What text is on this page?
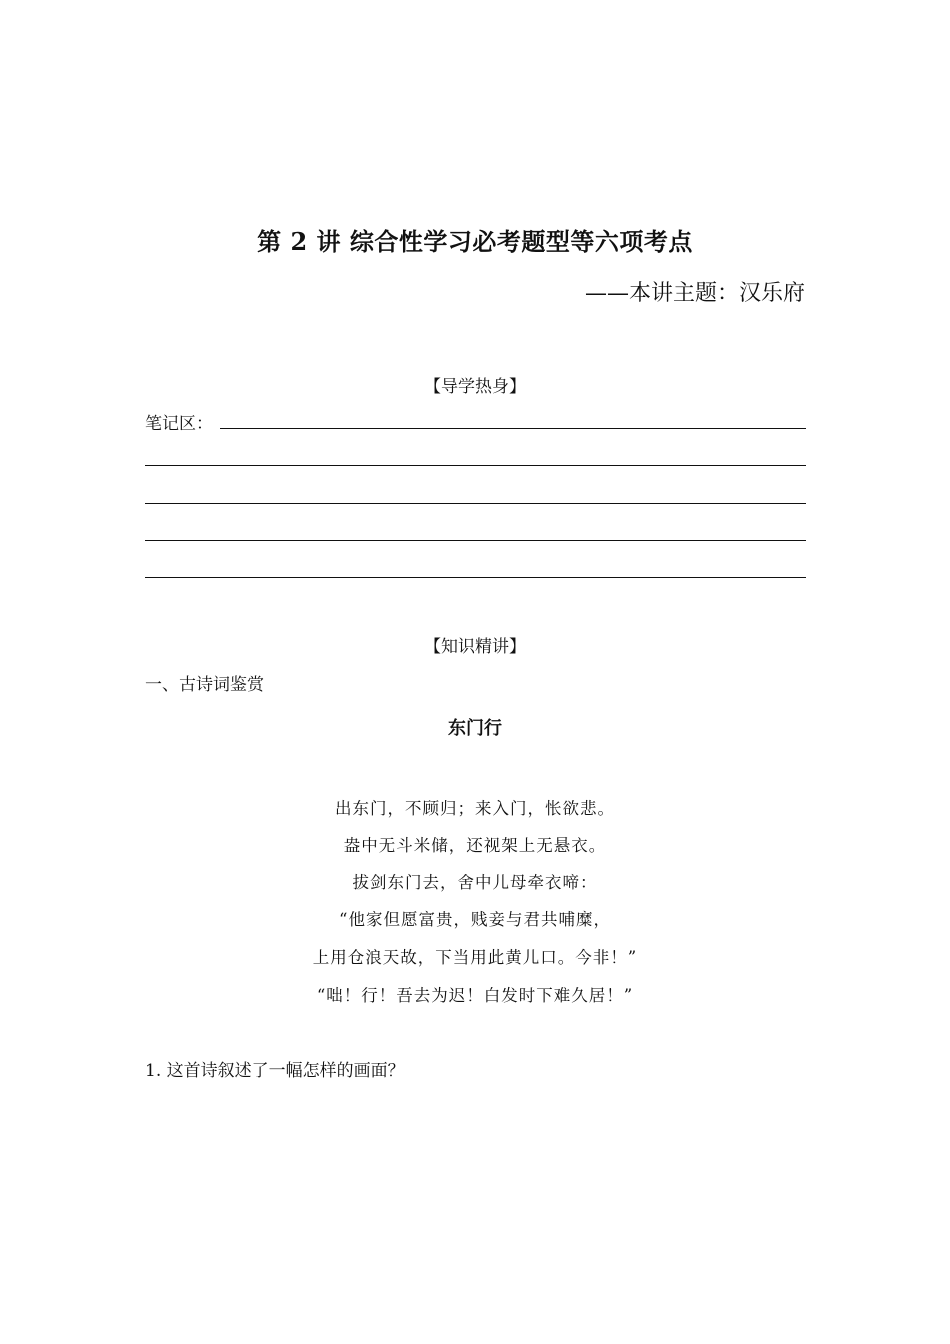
第 2 讲 综合性学习必考题型等六项考点
——本讲主题：汉乐府
【导学热身】
笔记区：
【知识精讲】
一、古诗词鉴赏
东门行
出东门，不顾归；来入门，怅欲悲。
盎中无斗米储，还视架上无悬衣。
拔剑东门去，舍中儿母牵衣啼：
“他家但愿富贵，贱妾与君共哺糜，
上用仓浪天故，下当用此黄儿口。今非！”
“咄！行！吾去为迟！白发时下难久居！”
1. 这首诗叙述了一幅怎样的画面？
